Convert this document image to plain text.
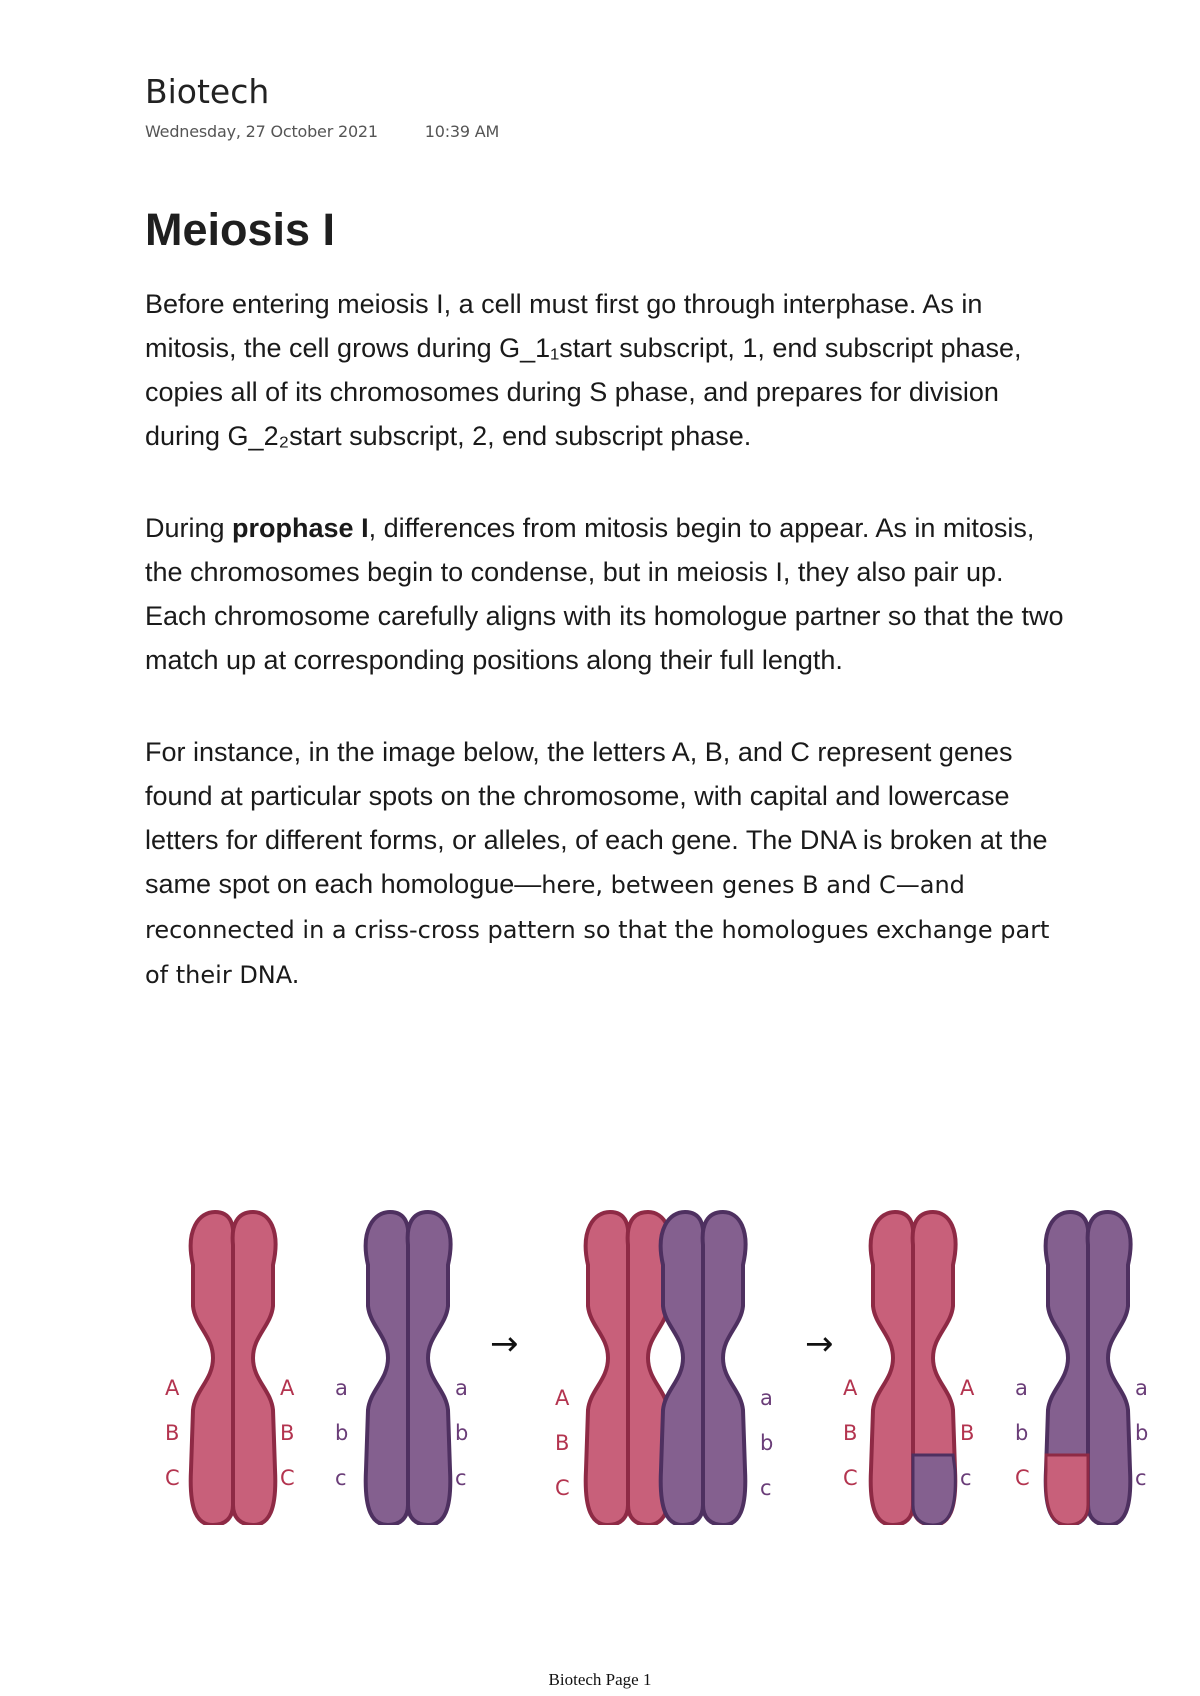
Biotech
Wednesday, 27 October 2021	10:39 AM
Meiosis I

Before entering meiosis I, a cell must first go through interphase. As in mitosis, the cell grows during G_1₁start subscript, 1, end subscript phase, copies all of its chromosomes during S phase, and prepares for division during G_2₂start subscript, 2, end subscript phase.

During prophase I, differences from mitosis begin to appear. As in mitosis, the chromosomes begin to condense, but in meiosis I, they also pair up. Each chromosome carefully aligns with its homologue partner so that the two match up at corresponding positions along their full length.

For instance, in the image below, the letters A, B, and C represent genes found at particular spots on the chromosome, with capital and lowercase letters for different forms, or alleles, of each gene. The DNA is broken at the same spot on each homologue—here, between genes B and C—and reconnected in a criss-cross pattern so that the homologues exchange part of their DNA.

→	→
A
B
C
A
B
C
a
b
c
a
b
c
A
B
C
a
b
c
A
B
C
A
B
c
a
b
C
a
b
c
Biotech Page 1
